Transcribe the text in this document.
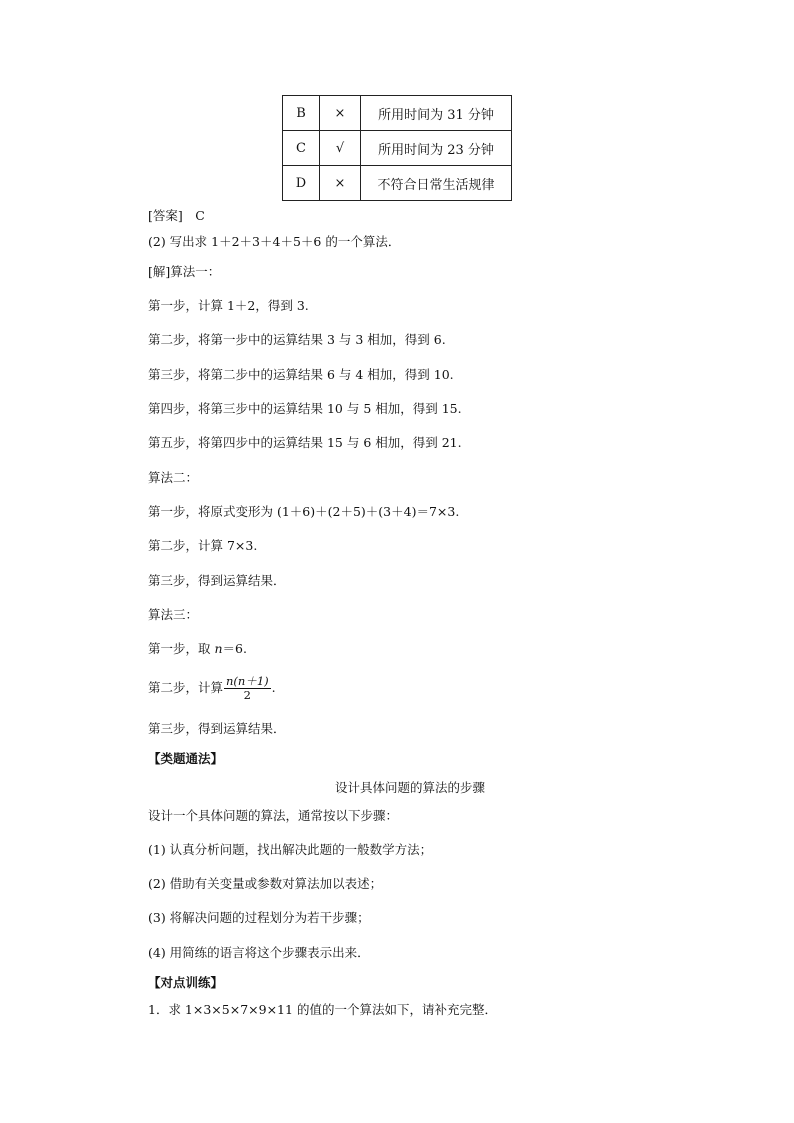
B	×	所用时间为 31 分钟
C	√	所用时间为 23 分钟
D	×	不符合日常生活规律
[答案]　C
(2) 写出求 1＋2＋3＋4＋5＋6 的一个算法．
[解]算法一：
第一步，计算 1＋2，得到 3.
第二步，将第一步中的运算结果 3 与 3 相加，得到 6.
第三步，将第二步中的运算结果 6 与 4 相加，得到 10.
第四步，将第三步中的运算结果 10 与 5 相加，得到 15.
第五步，将第四步中的运算结果 15 与 6 相加，得到 21.
算法二：
第一步，将原式变形为 (1＋6)＋(2＋5)＋(3＋4)＝7×3.
第二步，计算 7×3.
第三步，得到运算结果．
算法三：
第一步，取 n＝6.
第二步，计算 $\frac{n(n+1)}{2}$ .
第三步，得到运算结果．
【类题通法】
设计具体问题的算法的步骤
设计一个具体问题的算法，通常按以下步骤：
(1) 认真分析问题，找出解决此题的一般数学方法；
(2) 借助有关变量或参数对算法加以表述；
(3) 将解决问题的过程划分为若干步骤；
(4) 用简练的语言将这个步骤表示出来．
【对点训练】
1．求 1×3×5×7×9×11 的值的一个算法如下，请补充完整．
